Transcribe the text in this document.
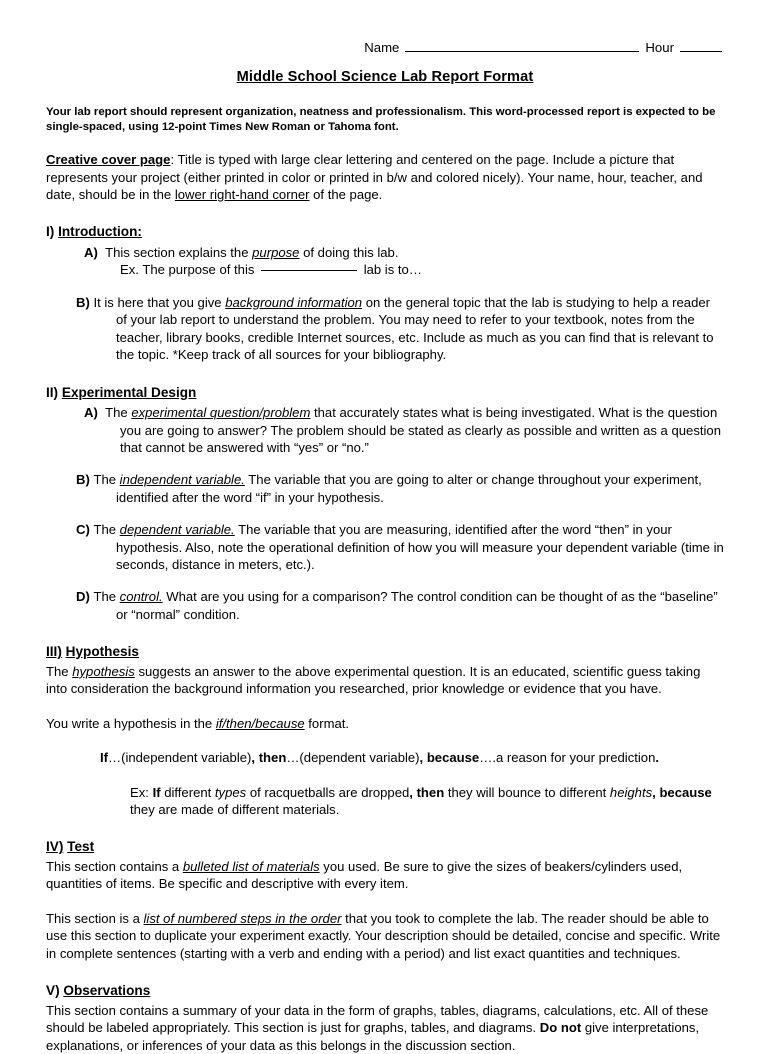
Name	Hour
Middle School Science Lab Report Format

Your lab report should represent organization, neatness and professionalism. This word-processed report is expected to be single-spaced, using 12-point Times New Roman or Tahoma font.

Creative cover page: Title is typed with large clear lettering and centered on the page. Include a picture that represents your project (either printed in color or printed in b/w and colored nicely). Your name, hour, teacher, and date, should be in the lower right-hand corner of the page.

I) Introduction:

A) This section explains the purpose of doing this lab.

Ex. The purpose of this	lab is to…

B) It is here that you give background information on the general topic that the lab is studying to help a reader of your lab report to understand the problem. You may need to refer to your textbook, notes from the teacher, library books, credible Internet sources, etc. Include as much as you can find that is relevant to the topic. *Keep track of all sources for your bibliography.

II) Experimental Design

A) The experimental question/problem that accurately states what is being investigated. What is the question you are going to answer? The problem should be stated as clearly as possible and written as a question that cannot be answered with “yes” or “no.”

B) The independent variable. The variable that you are going to alter or change throughout your experiment, identified after the word “if” in your hypothesis.

C) The dependent variable. The variable that you are measuring, identified after the word “then” in your hypothesis. Also, note the operational definition of how you will measure your dependent variable (time in seconds, distance in meters, etc.).

D) The control. What are you using for a comparison? The control condition can be thought of as the “baseline” or “normal” condition.

III) Hypothesis

The hypothesis suggests an answer to the above experimental question. It is an educated, scientific guess taking into consideration the background information you researched, prior knowledge or evidence that you have.

You write a hypothesis in the if/then/because format.

If…(independent variable), then…(dependent variable), because….a reason for your prediction.

Ex: If different types of racquetballs are dropped, then they will bounce to different heights, because they are made of different materials.

IV) Test

This section contains a bulleted list of materials you used. Be sure to give the sizes of beakers/cylinders used, quantities of items. Be specific and descriptive with every item.

This section is a list of numbered steps in the order that you took to complete the lab. The reader should be able to use this section to duplicate your experiment exactly. Your description should be detailed, concise and specific. Write in complete sentences (starting with a verb and ending with a period) and list exact quantities and techniques.

V) Observations

This section contains a summary of your data in the form of graphs, tables, diagrams, calculations, etc. All of these should be labeled appropriately. This section is just for graphs, tables, and diagrams. Do not give interpretations, explanations, or inferences of your data as this belongs in the discussion section.
